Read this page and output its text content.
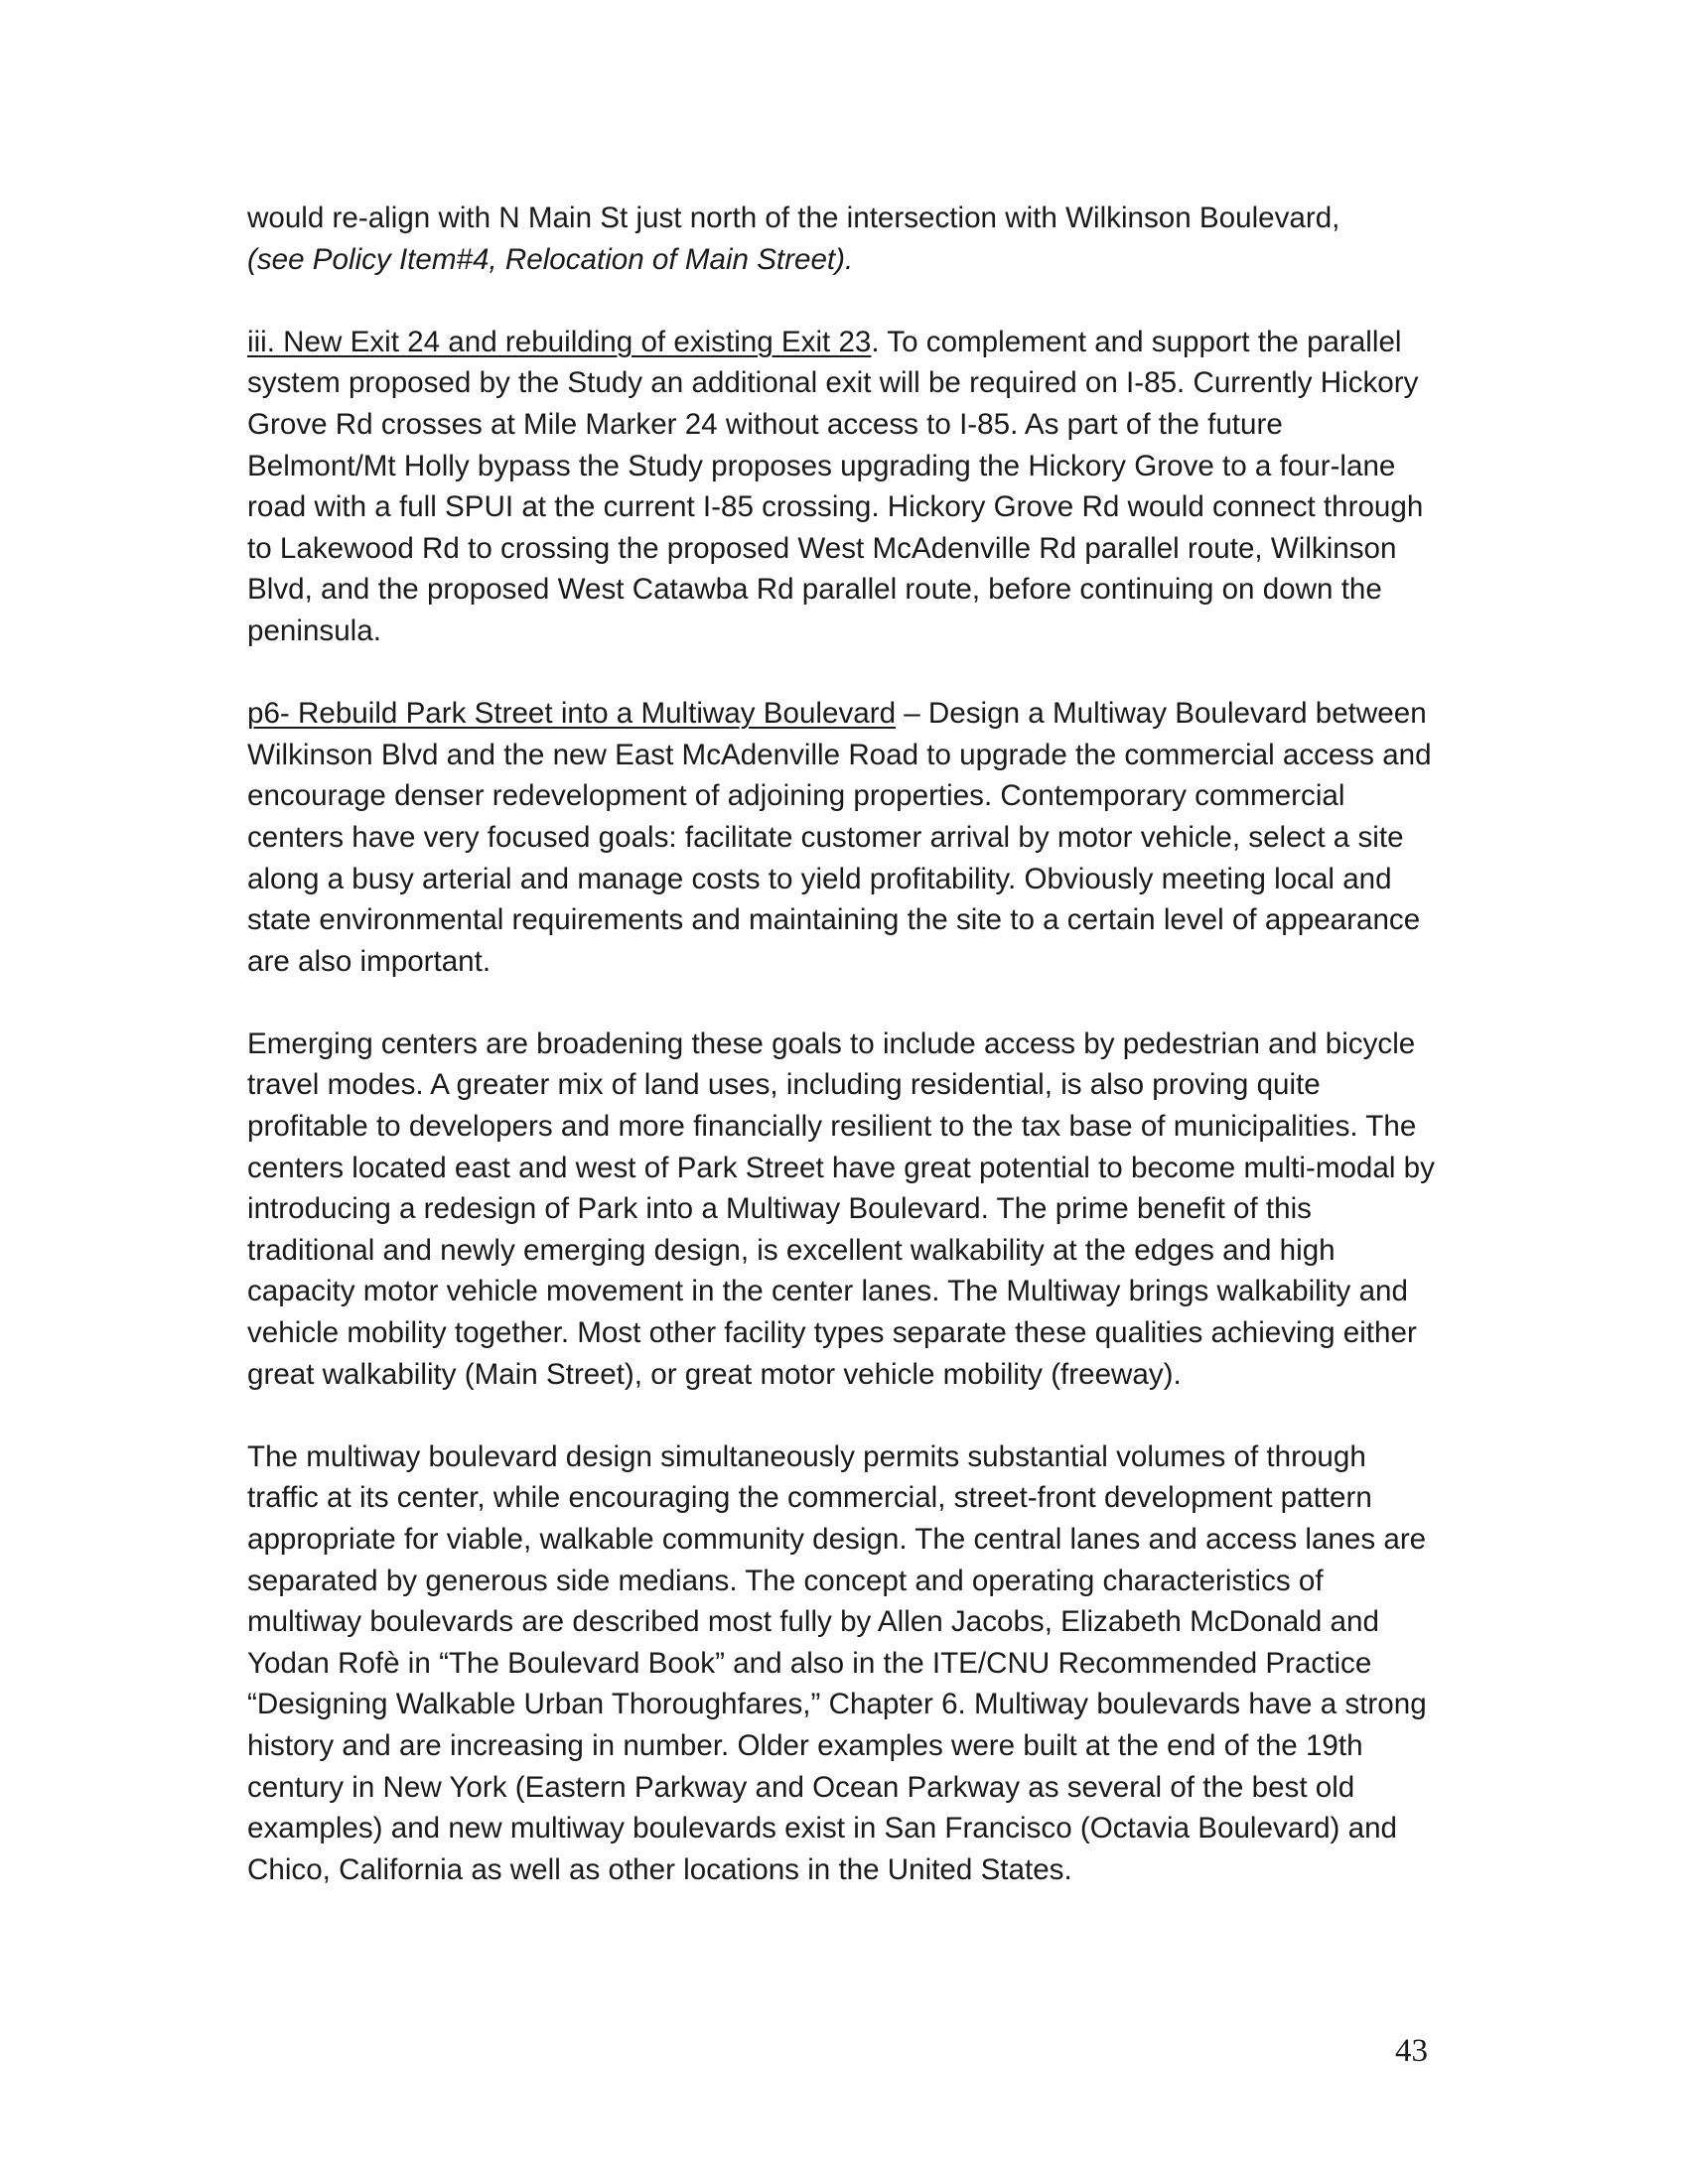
would re-align with N Main St just north of the intersection with Wilkinson Boulevard,
(see Policy Item#4, Relocation of Main Street).

iii. New Exit 24 and rebuilding of existing Exit 23. To complement and support the parallel system proposed by the Study an additional exit will be required on I-85. Currently Hickory Grove Rd crosses at Mile Marker 24 without access to I-85. As part of the future Belmont/Mt Holly bypass the Study proposes upgrading the Hickory Grove to a four-lane road with a full SPUI at the current I-85 crossing. Hickory Grove Rd would connect through to Lakewood Rd to crossing the proposed West McAdenville Rd parallel route, Wilkinson Blvd, and the proposed West Catawba Rd parallel route, before continuing on down the peninsula.

p6- Rebuild Park Street into a Multiway Boulevard – Design a Multiway Boulevard between Wilkinson Blvd and the new East McAdenville Road to upgrade the commercial access and encourage denser redevelopment of adjoining properties. Contemporary commercial centers have very focused goals: facilitate customer arrival by motor vehicle, select a site along a busy arterial and manage costs to yield profitability. Obviously meeting local and state environmental requirements and maintaining the site to a certain level of appearance are also important.

Emerging centers are broadening these goals to include access by pedestrian and bicycle travel modes. A greater mix of land uses, including residential, is also proving quite profitable to developers and more financially resilient to the tax base of municipalities. The centers located east and west of Park Street have great potential to become multi-modal by introducing a redesign of Park into a Multiway Boulevard. The prime benefit of this traditional and newly emerging design, is excellent walkability at the edges and high capacity motor vehicle movement in the center lanes. The Multiway brings walkability and vehicle mobility together. Most other facility types separate these qualities achieving either great walkability (Main Street), or great motor vehicle mobility (freeway).

The multiway boulevard design simultaneously permits substantial volumes of through traffic at its center, while encouraging the commercial, street-front development pattern appropriate for viable, walkable community design. The central lanes and access lanes are separated by generous side medians. The concept and operating characteristics of multiway boulevards are described most fully by Allen Jacobs, Elizabeth McDonald and Yodan Rofè in “The Boulevard Book” and also in the ITE/CNU Recommended Practice “Designing Walkable Urban Thoroughfares,” Chapter 6. Multiway boulevards have a strong history and are increasing in number. Older examples were built at the end of the 19th century in New York (Eastern Parkway and Ocean Parkway as several of the best old examples) and new multiway boulevards exist in San Francisco (Octavia Boulevard) and Chico, California as well as other locations in the United States.

43
